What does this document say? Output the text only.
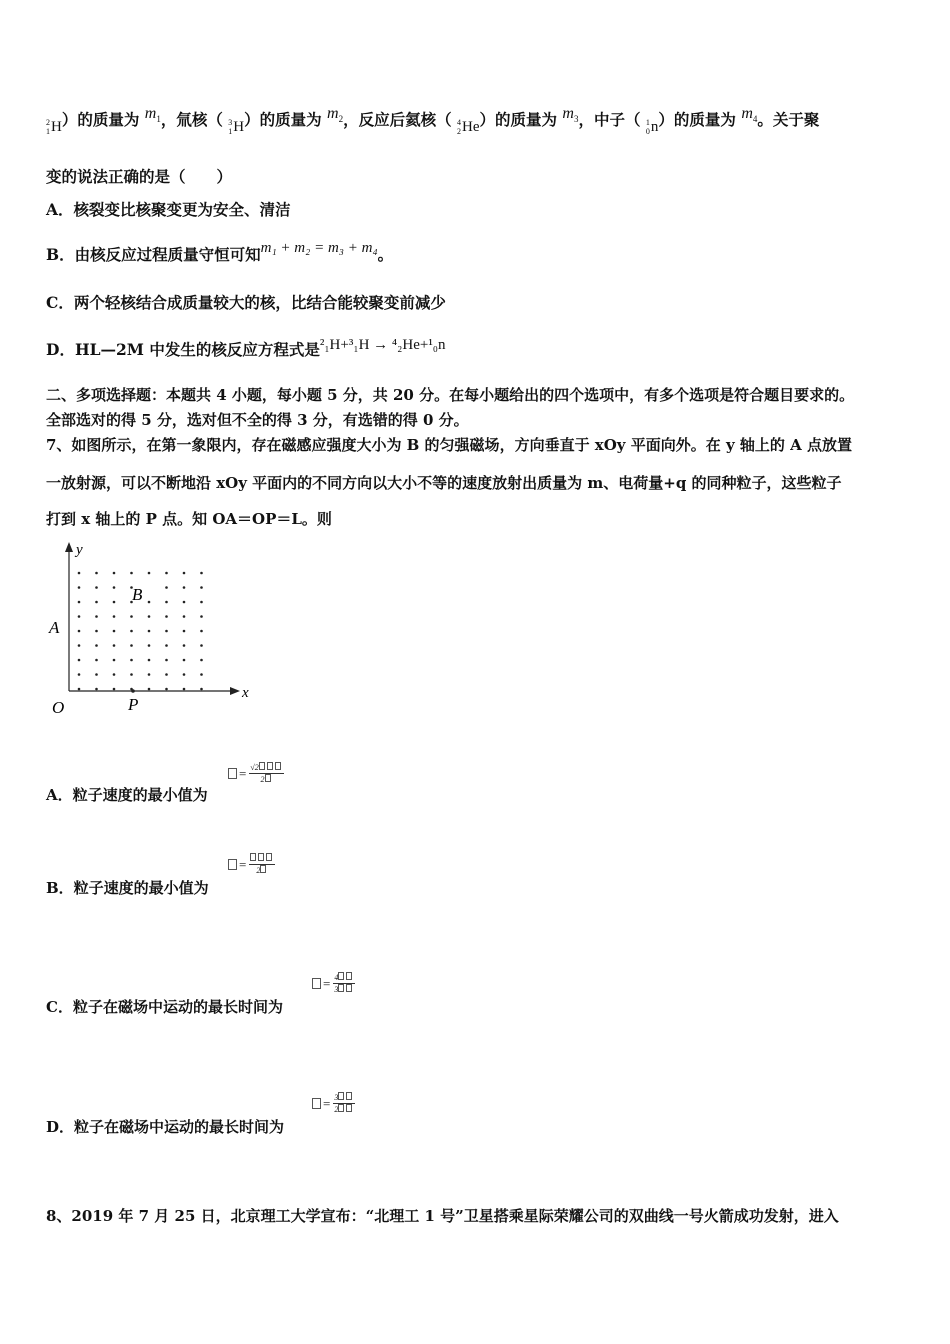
2
1 H ）的质量为 $m_1$，氚核（ 3
1 H ）的质量为 $m_2$，反应后氦核（ 4
2 He ）的质量为 $m_3$，中子（ 1
0 n ）的质量为 $m_4$。关于聚
变的说法正确的是（　　）
A．核裂变比核聚变更为安全、清洁
B．由核反应过程质量守恒可知m₁ + m₂ = m₃ + m₄。
C．两个轻核结合成质量较大的核，比结合能较聚变前减少
D．HL—2M 中发生的核反应方程式是²₁H+³₁H → ⁴₂He+¹₀n
二、多项选择题：本题共 4 小题，每小题 5 分，共 20 分。在每小题给出的四个选项中，有多个选项是符合题目要求的。
全部选对的得 5 分，选对但不全的得 3 分，有选错的得 0 分。
7、如图所示，在第一象限内，存在磁感应强度大小为 B 的匀强磁场，方向垂直于 xOy 平面向外。在 y 轴上的 A 点放置
一放射源，可以不断地沿 xOy 平面内的不同方向以大小不等的速度放射出质量为 m、电荷量+q 的同种粒子，这些粒子
打到 x 轴上的 P 点。知 OA＝OP＝L。则
y
x
A
B
O	P
= $\frac{√2}{2}$
A．粒子速度的最小值为
= 2
B．粒子速度的最小值为
= $\frac{4}{3}$
C．粒子在磁场中运动的最长时间为
= $\frac{3}{2}$
D．粒子在磁场中运动的最长时间为
8、2019 年 7 月 25 日，北京理工大学宣布：“北理工 1 号”卫星搭乘星际荣耀公司的双曲线一号火箭成功发射，进入
